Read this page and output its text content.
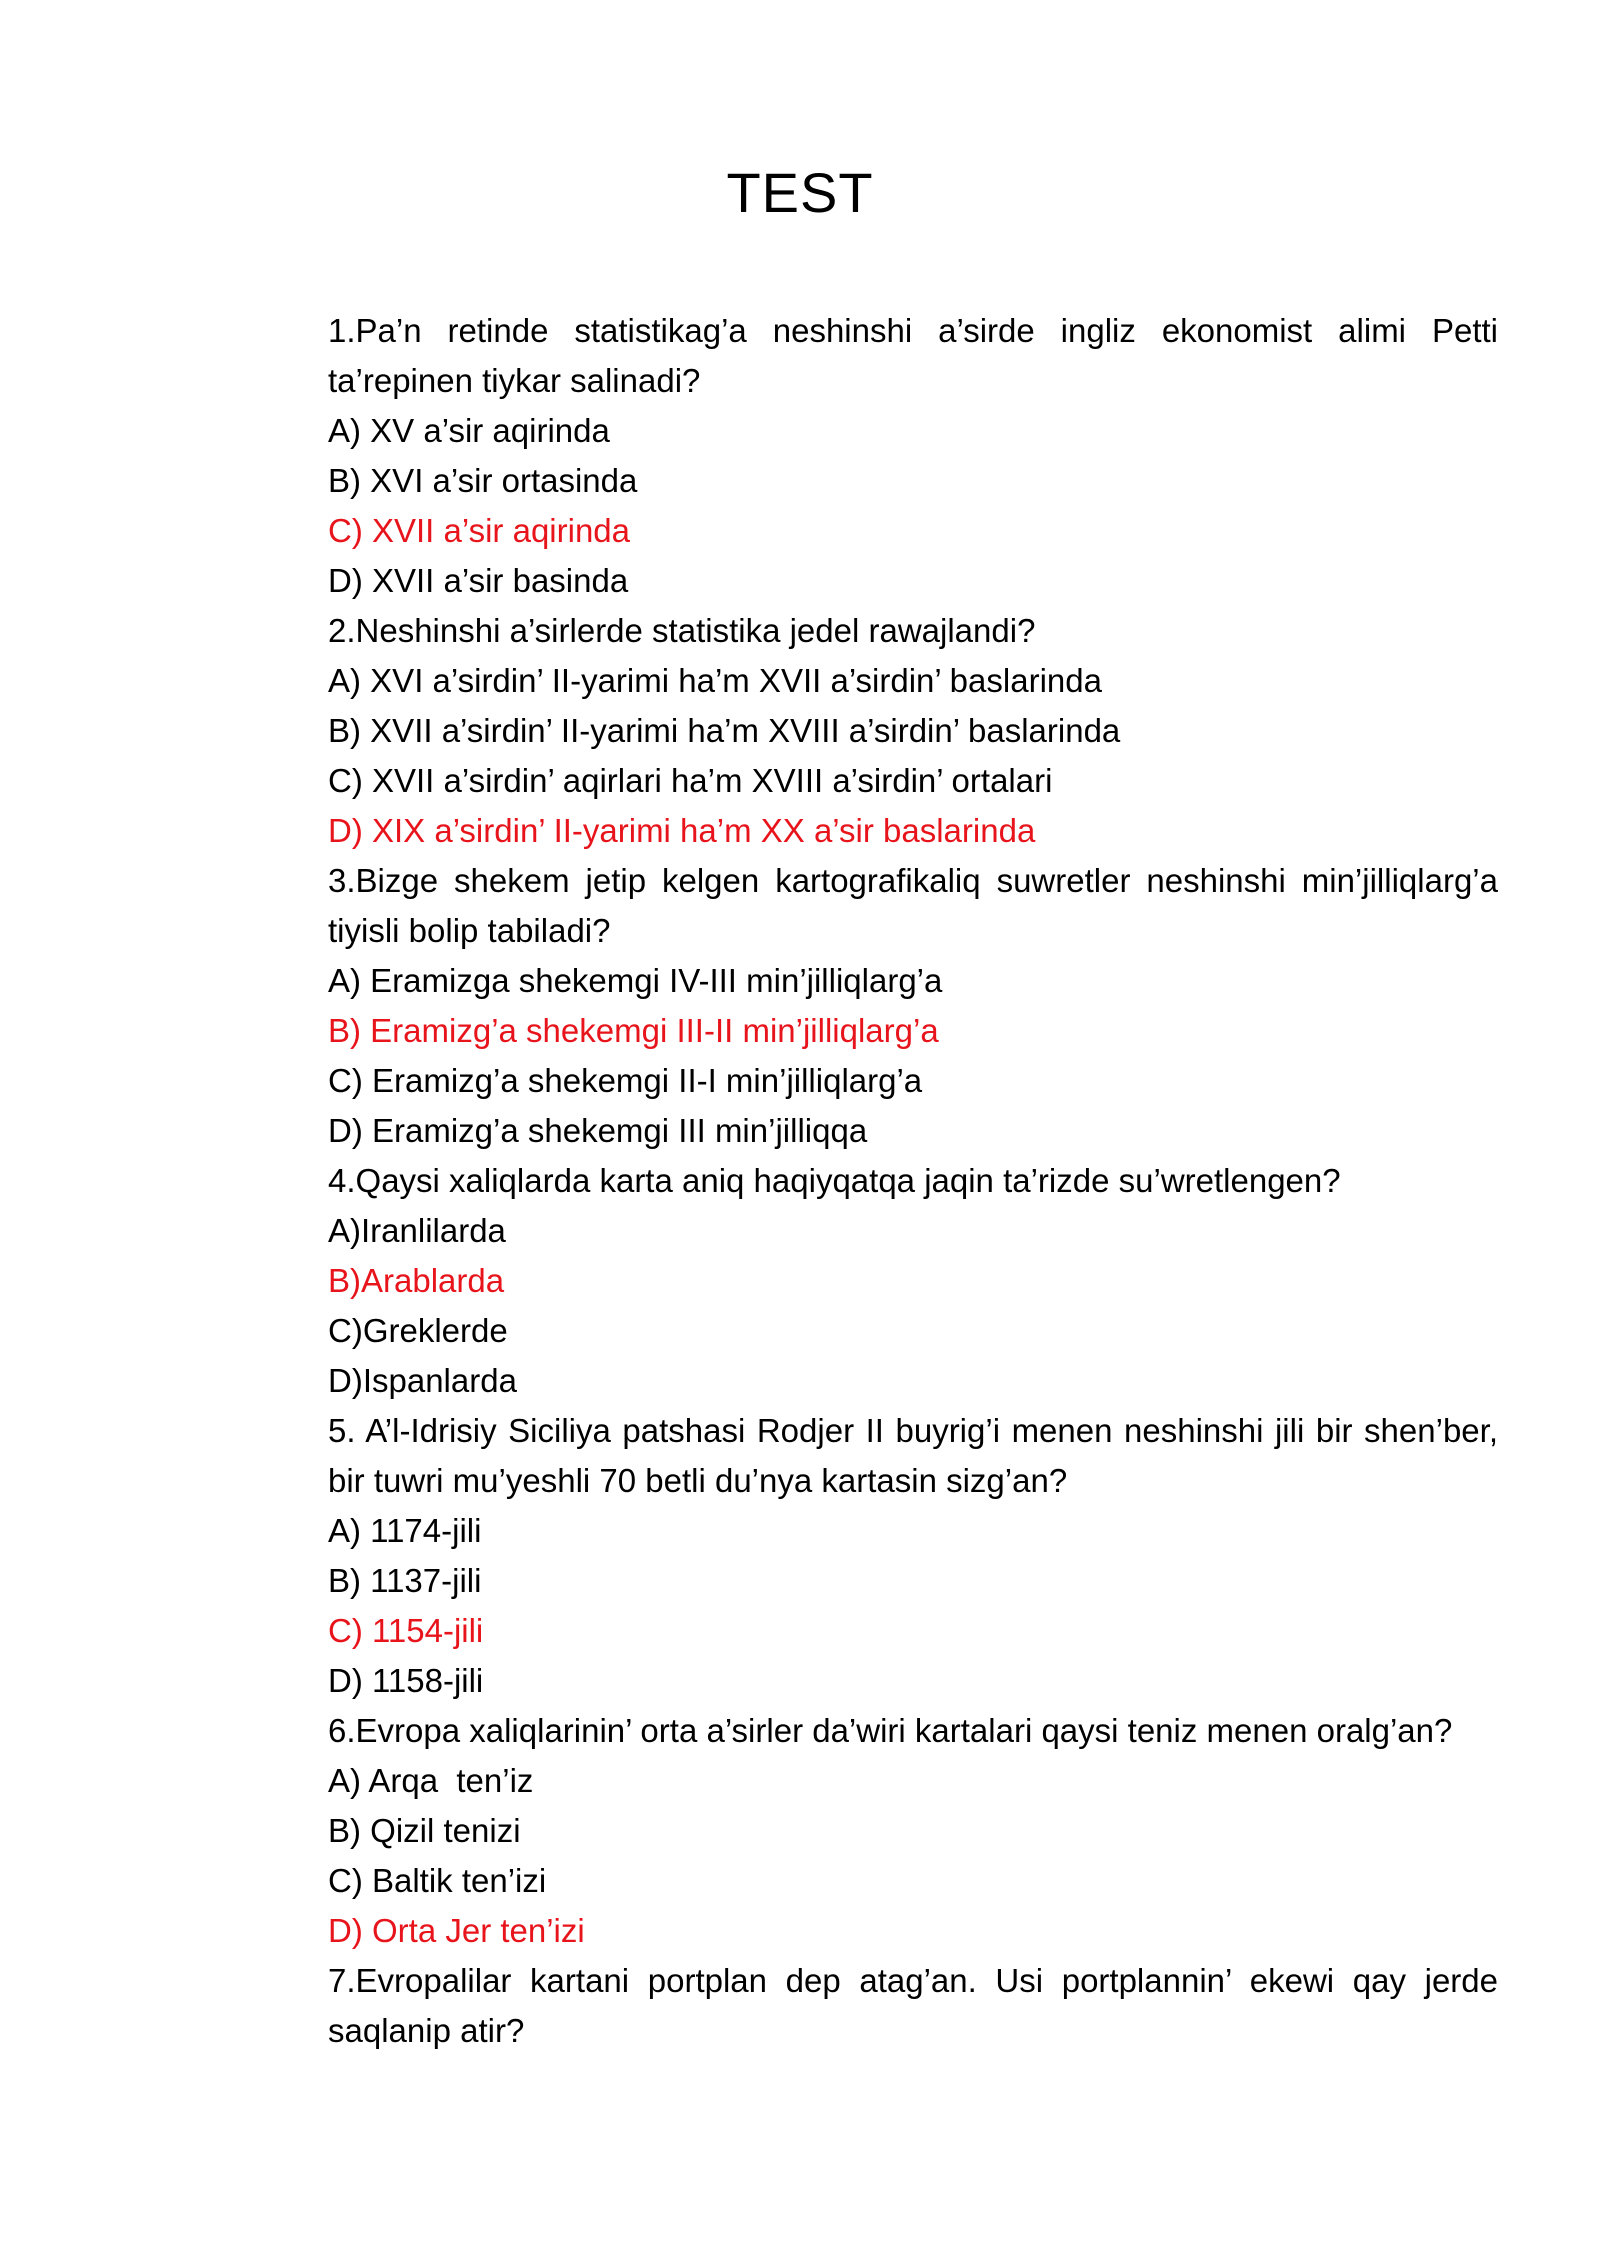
TEST

1.Pa’n retinde statistikag’a neshinshi a’sirde ingliz ekonomist alimi Petti ta’repinen tiykar salinadi?

A) XV a’sir aqirinda

B) XVI a’sir ortasinda

C) XVII a’sir aqirinda

D) XVII a’sir basinda

2.Neshinshi a’sirlerde statistika jedel rawajlandi?

A) XVI a’sirdin’ II-yarimi ha’m XVII a’sirdin’ baslarinda

B) XVII a’sirdin’ II-yarimi ha’m XVIII a’sirdin’ baslarinda

C) XVII a’sirdin’ aqirlari ha’m XVIII a’sirdin’ ortalari

D) XIX a’sirdin’ II-yarimi ha’m XX a’sir baslarinda

3.Bizge shekem jetip kelgen kartografikaliq suwretler neshinshi min’jilliqlarg’a tiyisli bolip tabiladi?

A) Eramizga shekemgi IV-III min’jilliqlarg’a

B) Eramizg’a shekemgi III-II min’jilliqlarg’a

C) Eramizg’a shekemgi II-I min’jilliqlarg’a

D) Eramizg’a shekemgi III min’jilliqqa

4.Qaysi xaliqlarda karta aniq haqiyqatqa jaqin ta’rizde su’wretlengen?

A)Iranlilarda

B)Arablarda

C)Greklerde

D)Ispanlarda

5. A’l-Idrisiy Siciliya patshasi Rodjer II buyrig’i menen neshinshi jili bir shen’ber, bir tuwri mu’yeshli 70 betli du’nya kartasin sizg’an?

A) 1174-jili

B) 1137-jili

C) 1154-jili

D) 1158-jili

6.Evropa xaliqlarinin’ orta a’sirler da’wiri kartalari qaysi teniz menen oralg’an?

A) Arqa  ten’iz

B) Qizil tenizi

C) Baltik ten’izi

D) Orta Jer ten’izi

7.Evropalilar kartani portplan dep atag’an. Usi portplannin’ ekewi qay jerde saqlanip atir?
